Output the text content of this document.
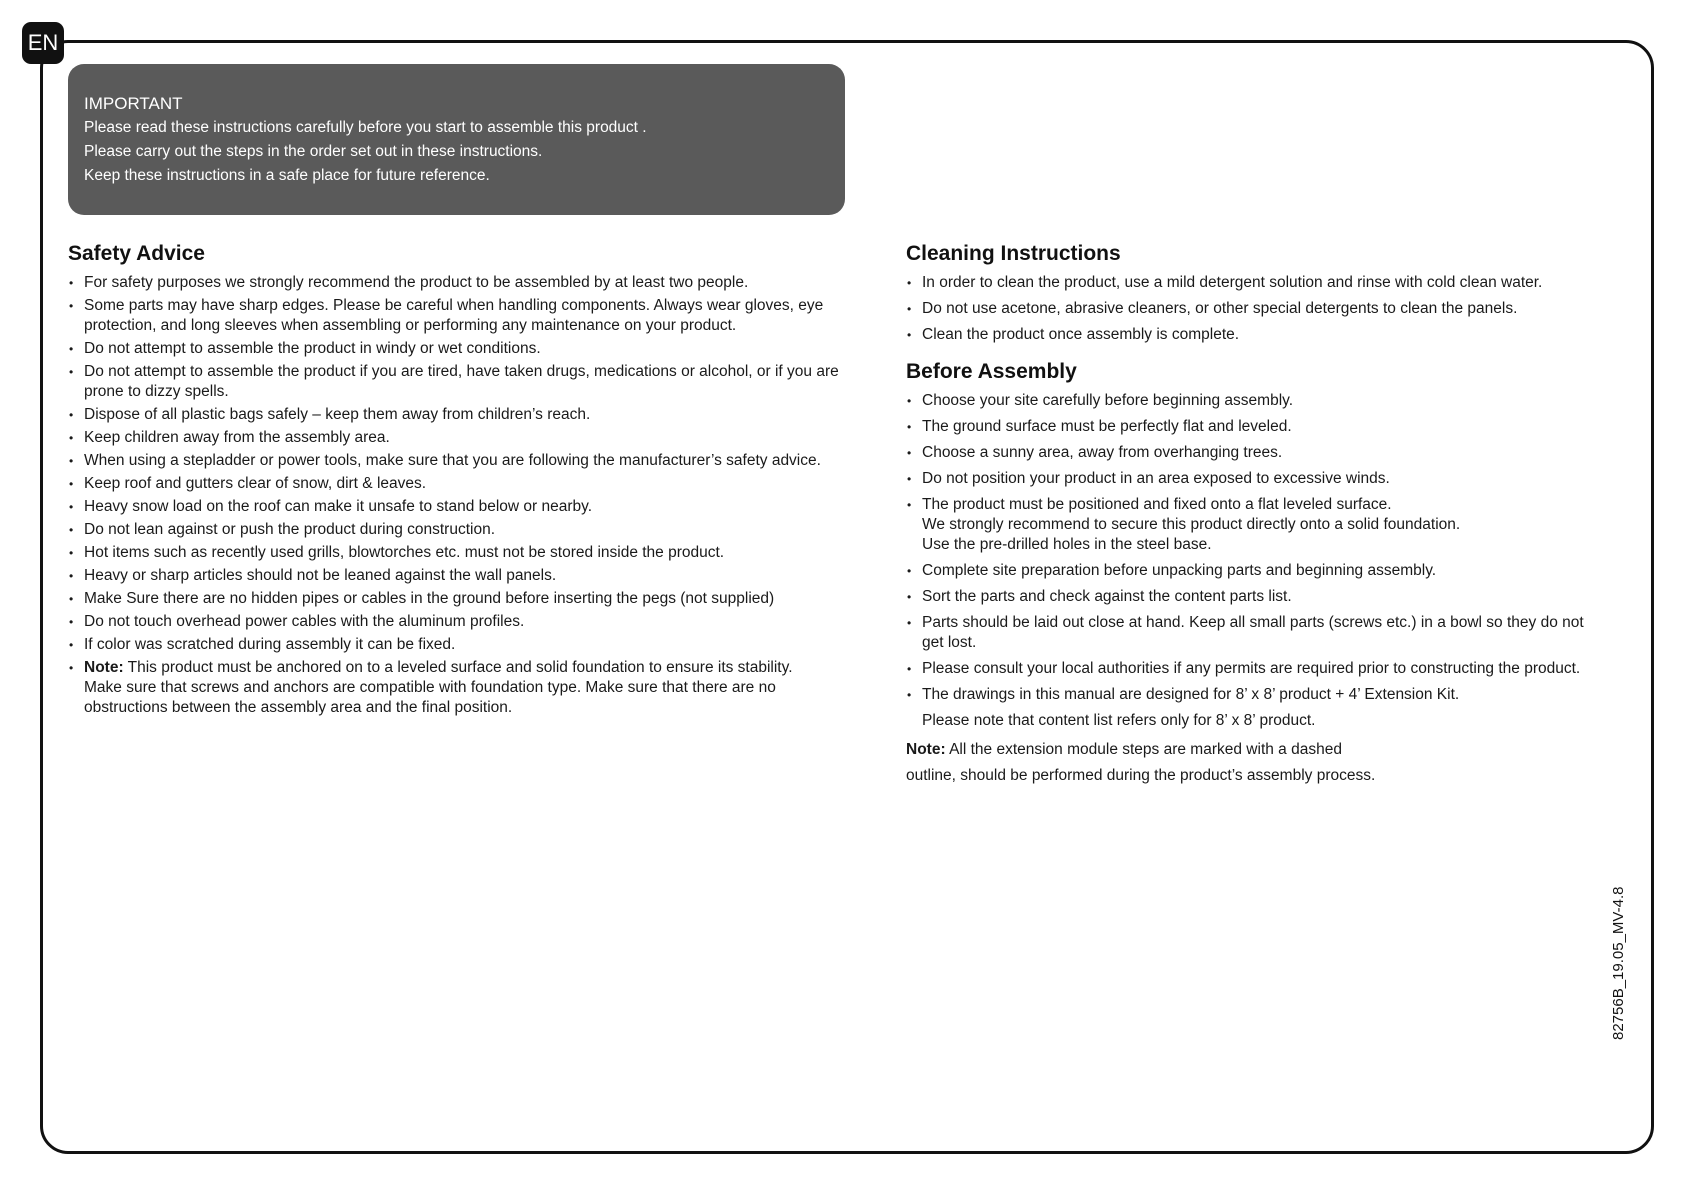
EN
IMPORTANT
Please read these instructions carefully before you start to assemble this product .
Please carry out the steps in the order set out in these instructions.
Keep these instructions in a safe place for future reference.
Safety Advice
• For safety purposes we strongly recommend the product to be assembled by at least two people.
• Some parts may have sharp edges. Please be careful when handling components. Always wear gloves, eye protection, and long sleeves when assembling or performing any maintenance on your product.
• Do not attempt to assemble the product in windy or wet conditions.
• Do not attempt to assemble the product if you are tired, have taken drugs, medications or alcohol, or if you are prone to dizzy spells.
• Dispose of all plastic bags safely – keep them away from children’s reach.
• Keep children away from the assembly area.
• When using a stepladder or power tools, make sure that you are following the manufacturer’s safety advice.
• Keep roof and gutters clear of snow, dirt & leaves.
• Heavy snow load on the roof can make it unsafe to stand below or nearby.
• Do not lean against or push the product during construction.
• Hot items such as recently used grills, blowtorches etc. must not be stored inside the product.
• Heavy or sharp articles should not be leaned against the wall panels.
• Make Sure there are no hidden pipes or cables in the ground before inserting the pegs (not supplied)
• Do not touch overhead power cables with the aluminum profiles.
• If color was scratched during assembly it can be fixed.
• Note: This product must be anchored on to a leveled surface and solid foundation to ensure its stability.
Make sure that screws and anchors are compatible with foundation type. Make sure that there are no obstructions between the assembly area and the final position.
Cleaning Instructions
• In order to clean the product, use a mild detergent solution and rinse with cold clean water.
• Do not use acetone, abrasive cleaners, or other special detergents to clean the panels.
• Clean the product once assembly is complete.
Before Assembly
• Choose your site carefully before beginning assembly.
• The ground surface must be perfectly flat and leveled.
• Choose a sunny area, away from overhanging trees.
• Do not position your product in an area exposed to excessive winds.
• The product must be positioned and fixed onto a flat leveled surface.
We strongly recommend to secure this product directly onto a solid foundation.
Use the pre-drilled holes in the steel base.
• Complete site preparation before unpacking parts and beginning assembly.
• Sort the parts and check against the content parts list.
• Parts should be laid out close at hand. Keep all small parts (screws etc.) in a bowl so they do not get lost.
• Please consult your local authorities if any permits are required prior to constructing the product.
• The drawings in this manual are designed for 8’ x 8’ product + 4’ Extension Kit.
Please note that content list refers only for 8’ x 8’ product.
Note: All the extension module steps are marked with a dashed
outline, should be performed during the product’s assembly process.
82756B_19.05_MV-4.8
